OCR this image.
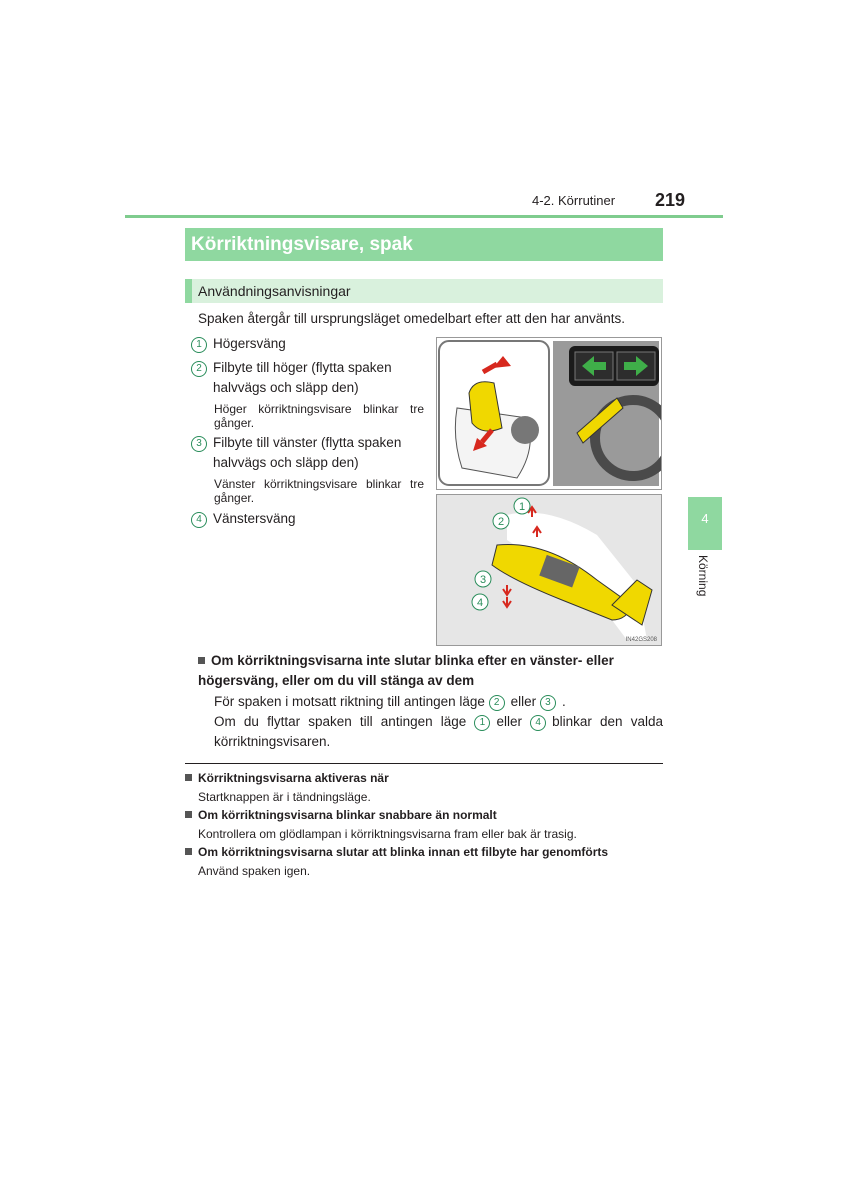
4-2. Körrutiner 219
Körriktningsvisare, spak
Användningsanvisningar
Spaken återgår till ursprungsläget omedelbart efter att den har använts.
1 Högersväng
2 Filbyte till höger (flytta spaken halvvägs och släpp den)
Höger körriktningsvisare blinkar tre gånger.
3 Filbyte till vänster (flytta spaken halvvägs och släpp den)
Vänster körriktningsvisare blinkar tre gånger.
4 Vänstersväng
1
2
3
4
IN42GS208
Om körriktningsvisarna inte slutar blinka efter en vänster- eller högersväng, eller om du vill stänga av dem
För spaken i motsatt riktning till antingen läge 2 eller 3 .
Om du flyttar spaken till antingen läge 1 eller 4 blinkar den valda körriktningsvisaren.
Körriktningsvisarna aktiveras när
Startknappen är i tändningsläge.
Om körriktningsvisarna blinkar snabbare än normalt
Kontrollera om glödlampan i körriktningsvisarna fram eller bak är trasig.
Om körriktningsvisarna slutar att blinka innan ett filbyte har genomförts
Använd spaken igen.
4
Körning
